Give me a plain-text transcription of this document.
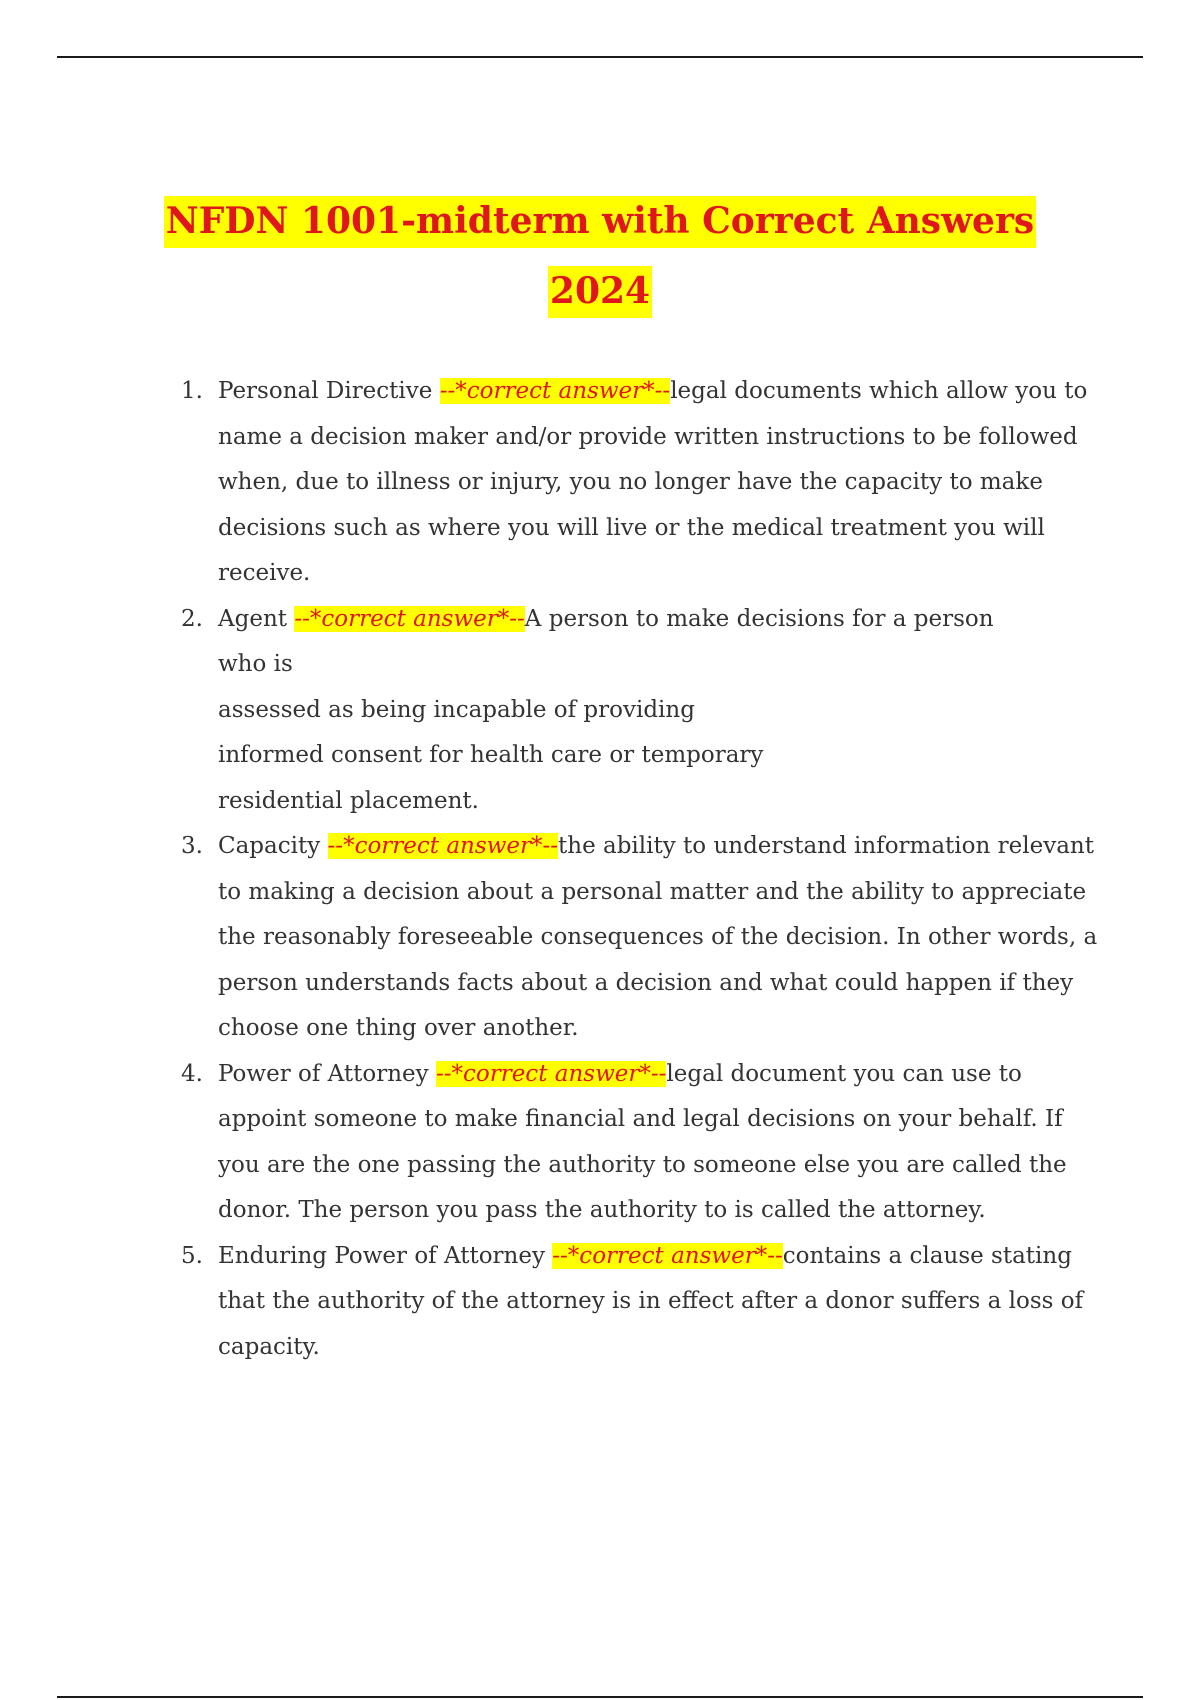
NFDN 1001-midterm with Correct Answers
2024
1. Personal Directive --*correct answer*--legal documents which allow you to name a decision maker and/or provide written instructions to be followed when, due to illness or injury, you no longer have the capacity to make decisions such as where you will live or the medical treatment you will receive.
2. Agent --*correct answer*--A person to make decisions for a person
who is
assessed as being incapable of providing
informed consent for health care or temporary
residential placement.
3. Capacity --*correct answer*--the ability to understand information relevant to making a decision about a personal matter and the ability to appreciate the reasonably foreseeable consequences of the decision. In other words, a person understands facts about a decision and what could happen if they choose one thing over another.
4. Power of Attorney --*correct answer*--legal document you can use to appoint someone to make financial and legal decisions on your behalf. If you are the one passing the authority to someone else you are called the donor. The person you pass the authority to is called the attorney.
5. Enduring Power of Attorney --*correct answer*--contains a clause stating that the authority of the attorney is in effect after a donor suffers a loss of capacity.
